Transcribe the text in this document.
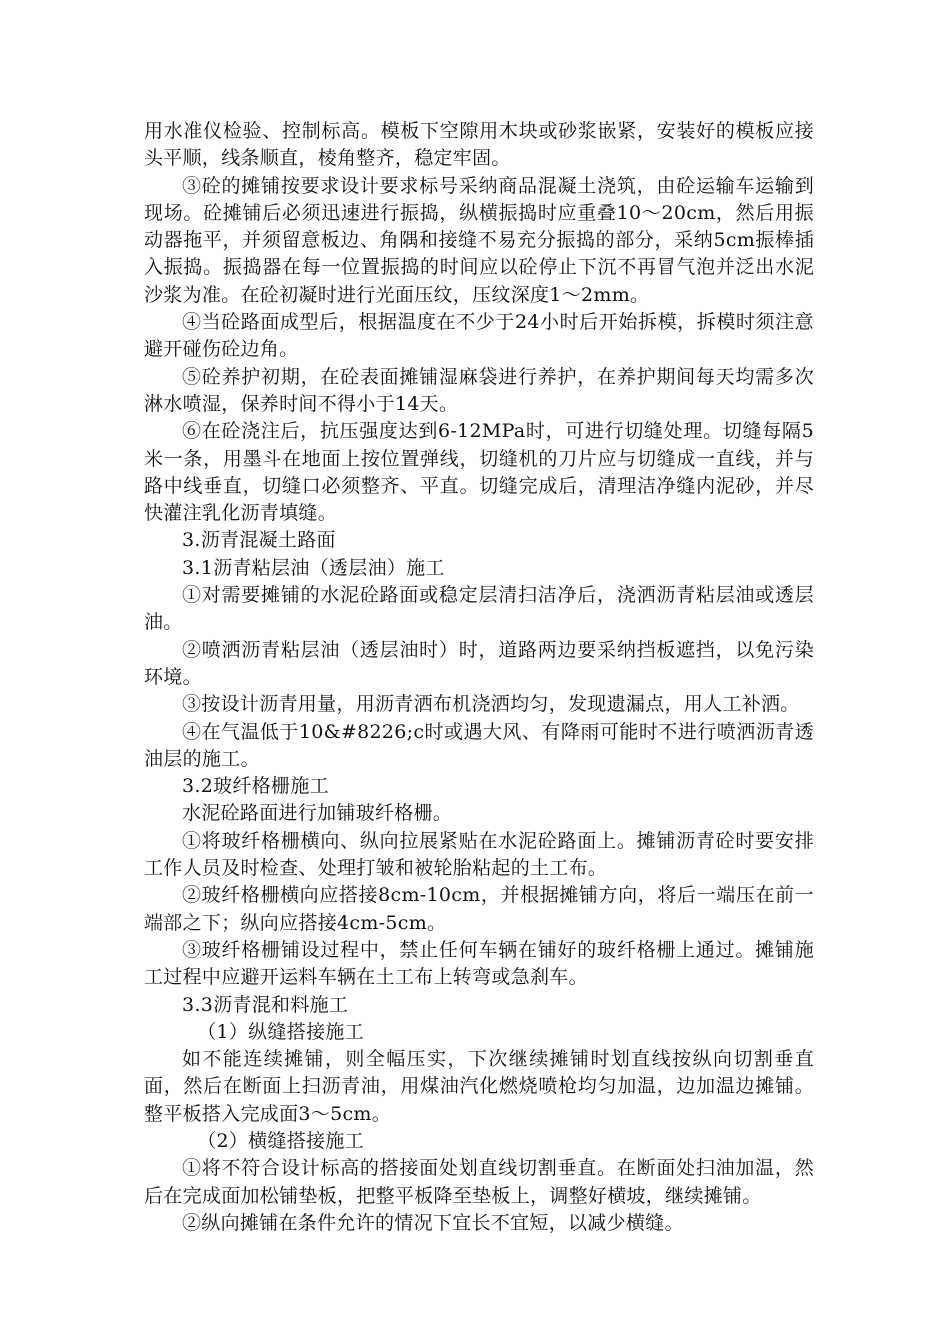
用水准仪检验、控制标高。模板下空隙用木块或砂浆嵌紧，安装好的模板应接头平顺，线条顺直，棱角整齐，稳定牢固。

③砼的摊铺按要求设计要求标号采纳商品混凝土浇筑，由砼运输车运输到现场。砼摊铺后必须迅速进行振捣，纵横振捣时应重叠10～20cm，然后用振动器拖平，并须留意板边、角隅和接缝不易充分振捣的部分，采纳5cm振棒插入振捣。振捣器在每一位置振捣的时间应以砼停止下沉不再冒气泡并泛出水泥沙浆为准。在砼初凝时进行光面压纹，压纹深度1～2mm。

④当砼路面成型后，根据温度在不少于24小时后开始拆模，拆模时须注意避开碰伤砼边角。

⑤砼养护初期，在砼表面摊铺湿麻袋进行养护，在养护期间每天均需多次淋水喷湿，保养时间不得小于14天。

⑥在砼浇注后，抗压强度达到6-12MPa时，可进行切缝处理。切缝每隔5米一条，用墨斗在地面上按位置弹线，切缝机的刀片应与切缝成一直线，并与路中线垂直，切缝口必须整齐、平直。切缝完成后，清理洁净缝内泥砂，并尽快灌注乳化沥青填缝。

3.沥青混凝土路面

3.1沥青粘层油（透层油）施工

①对需要摊铺的水泥砼路面或稳定层清扫洁净后，浇洒沥青粘层油或透层油。

②喷洒沥青粘层油（透层油时）时，道路两边要采纳挡板遮挡，以免污染环境。

③按设计沥青用量，用沥青洒布机浇洒均匀，发现遗漏点，用人工补洒。

④在气温低于10&#8226;c时或遇大风、有降雨可能时不进行喷洒沥青透油层的施工。

3.2玻纤格栅施工

水泥砼路面进行加铺玻纤格栅。

①将玻纤格栅横向、纵向拉展紧贴在水泥砼路面上。摊铺沥青砼时要安排工作人员及时检查、处理打皱和被轮胎粘起的土工布。

②玻纤格栅横向应搭接8cm-10cm，并根据摊铺方向，将后一端压在前一端部之下；纵向应搭接4cm-5cm。

③玻纤格栅铺设过程中，禁止任何车辆在铺好的玻纤格栅上通过。摊铺施工过程中应避开运料车辆在土工布上转弯或急刹车。

3.3沥青混和料施工

（1）纵缝搭接施工

如不能连续摊铺，则全幅压实，下次继续摊铺时划直线按纵向切割垂直面，然后在断面上扫沥青油，用煤油汽化燃烧喷枪均匀加温，边加温边摊铺。整平板搭入完成面3～5cm。

（2）横缝搭接施工

①将不符合设计标高的搭接面处划直线切割垂直。在断面处扫油加温，然后在完成面加松铺垫板，把整平板降至垫板上，调整好横坡，继续摊铺。

②纵向摊铺在条件允许的情况下宜长不宜短，以减少横缝。
